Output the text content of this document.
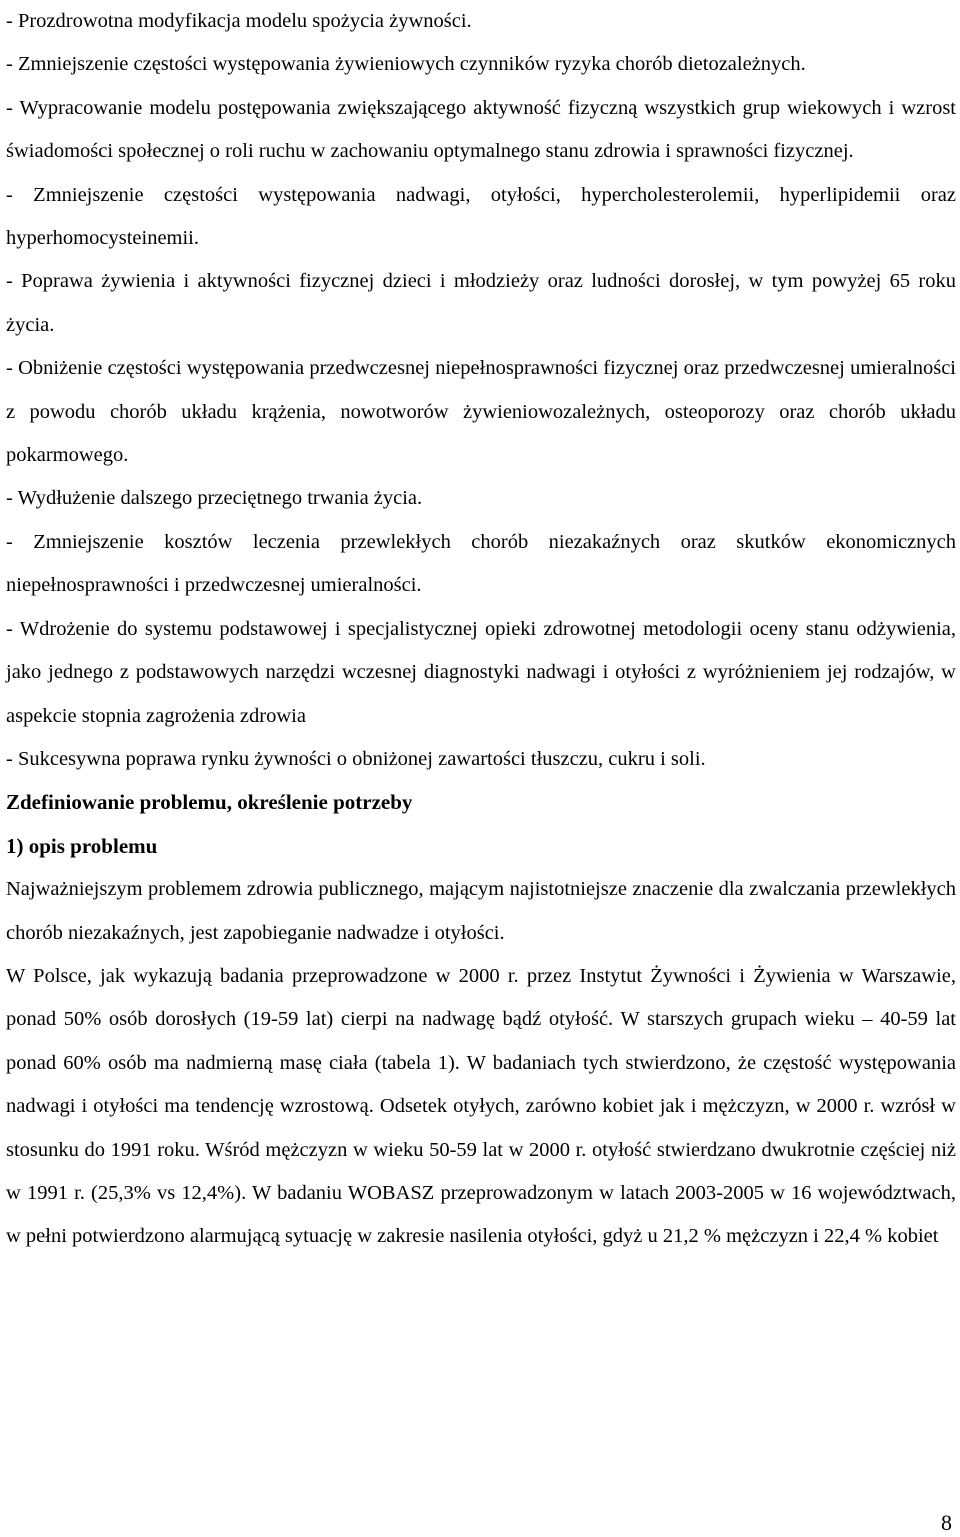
- Prozdrowotna modyfikacja modelu spożycia żywności.

- Zmniejszenie częstości występowania żywieniowych czynników ryzyka chorób dietozależnych.

- Wypracowanie modelu postępowania zwiększającego aktywność fizyczną wszystkich grup wiekowych i wzrost świadomości społecznej o roli ruchu w zachowaniu optymalnego stanu zdrowia i sprawności fizycznej.

- Zmniejszenie częstości występowania nadwagi, otyłości, hypercholesterolemii, hyperlipidemii oraz hyperhomocysteinemii.

- Poprawa żywienia i aktywności fizycznej dzieci i młodzieży oraz ludności dorosłej, w tym powyżej 65 roku życia.

- Obniżenie częstości występowania przedwczesnej niepełnosprawności fizycznej oraz przedwczesnej umieralności z powodu chorób układu krążenia, nowotworów żywieniowozależnych, osteoporozy oraz chorób układu pokarmowego.

- Wydłużenie dalszego przeciętnego trwania życia.

- Zmniejszenie kosztów leczenia przewlekłych chorób niezakaźnych oraz skutków ekonomicznych niepełnosprawności i przedwczesnej umieralności.

- Wdrożenie do systemu podstawowej i specjalistycznej opieki zdrowotnej metodologii oceny stanu odżywienia, jako jednego z podstawowych narzędzi wczesnej diagnostyki nadwagi i otyłości z wyróżnieniem jej rodzajów, w aspekcie stopnia zagrożenia zdrowia

- Sukcesywna poprawa rynku żywności o obniżonej zawartości tłuszczu, cukru i soli.

Zdefiniowanie problemu, określenie potrzeby

1) opis problemu

Najważniejszym problemem zdrowia publicznego, mającym najistotniejsze znaczenie dla zwalczania przewlekłych chorób niezakaźnych, jest zapobieganie nadwadze i otyłości.

W Polsce, jak wykazują badania przeprowadzone w 2000 r. przez Instytut Żywności i Żywienia w Warszawie, ponad 50% osób dorosłych (19-59 lat) cierpi na nadwagę bądź otyłość. W starszych grupach wieku – 40-59 lat ponad 60% osób ma nadmierną masę ciała (tabela 1). W badaniach tych stwierdzono, że częstość występowania nadwagi i otyłości ma tendencję wzrostową. Odsetek otyłych, zarówno kobiet jak i mężczyzn, w 2000 r. wzrósł w stosunku do 1991 roku. Wśród mężczyzn w wieku 50-59 lat w 2000 r. otyłość stwierdzano dwukrotnie częściej niż w 1991 r. (25,3% vs 12,4%). W badaniu WOBASZ przeprowadzonym w latach 2003-2005 w 16 województwach, w pełni potwierdzono alarmującą sytuację w zakresie nasilenia otyłości, gdyż u 21,2 % mężczyzn i 22,4 % kobiet

8
